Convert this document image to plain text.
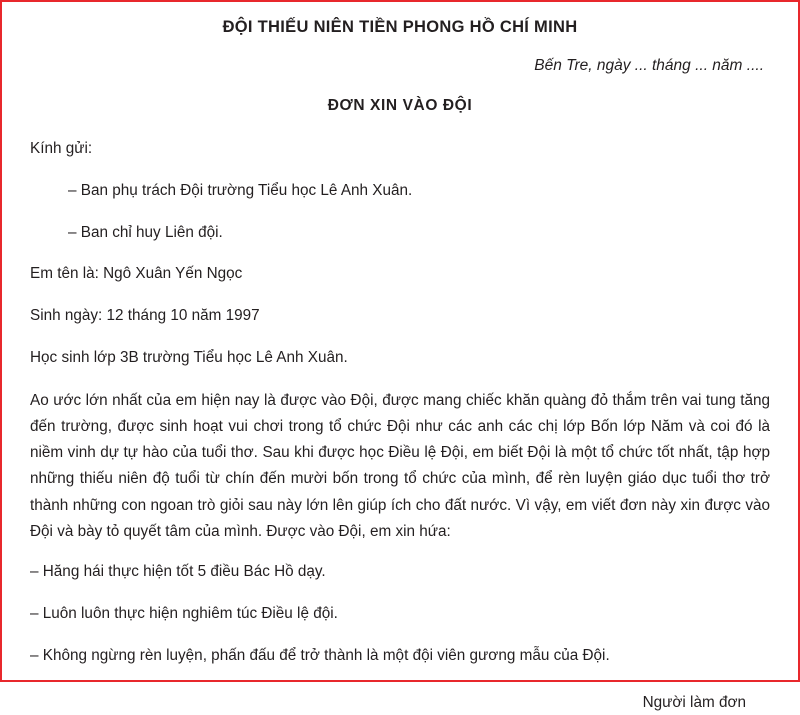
ĐỘI THIẾU NIÊN TIỀN PHONG HỒ CHÍ MINH
Bến Tre, ngày ... tháng ... năm ....
ĐƠN XIN VÀO ĐỘI

Kính gửi:

– Ban phụ trách Đội trường Tiểu học Lê Anh Xuân.

– Ban chỉ huy Liên đội.

Em tên là: Ngô Xuân Yến Ngọc

Sinh ngày: 12 tháng 10 năm 1997

Học sinh lớp 3B trường Tiểu học Lê Anh Xuân.

Ao ước lớn nhất của em hiện nay là được vào Đội, được mang chiếc khăn quàng đỏ thắm trên vai tung tăng đến trường, được sinh hoạt vui chơi trong tổ chức Đội như các anh các chị lớp Bốn lớp Năm và coi đó là niềm vinh dự tự hào của tuổi thơ. Sau khi được học Điều lệ Đội, em biết Đội là một tổ chức tốt nhất, tập hợp những thiếu niên độ tuổi từ chín đến mười bốn trong tổ chức của mình, để rèn luyện giáo dục tuổi thơ trở thành những con ngoan trò giỏi sau này lớn lên giúp ích cho đất nước. Vì vậy, em viết đơn này xin được vào Đội và bày tỏ quyết tâm của mình. Được vào Đội, em xin hứa:

– Hăng hái thực hiện tốt 5 điều Bác Hồ dạy.

– Luôn luôn thực hiện nghiêm túc Điều lệ đội.

– Không ngừng rèn luyện, phấn đấu để trở thành là một đội viên gương mẫu của Đội.

Người làm đơn
